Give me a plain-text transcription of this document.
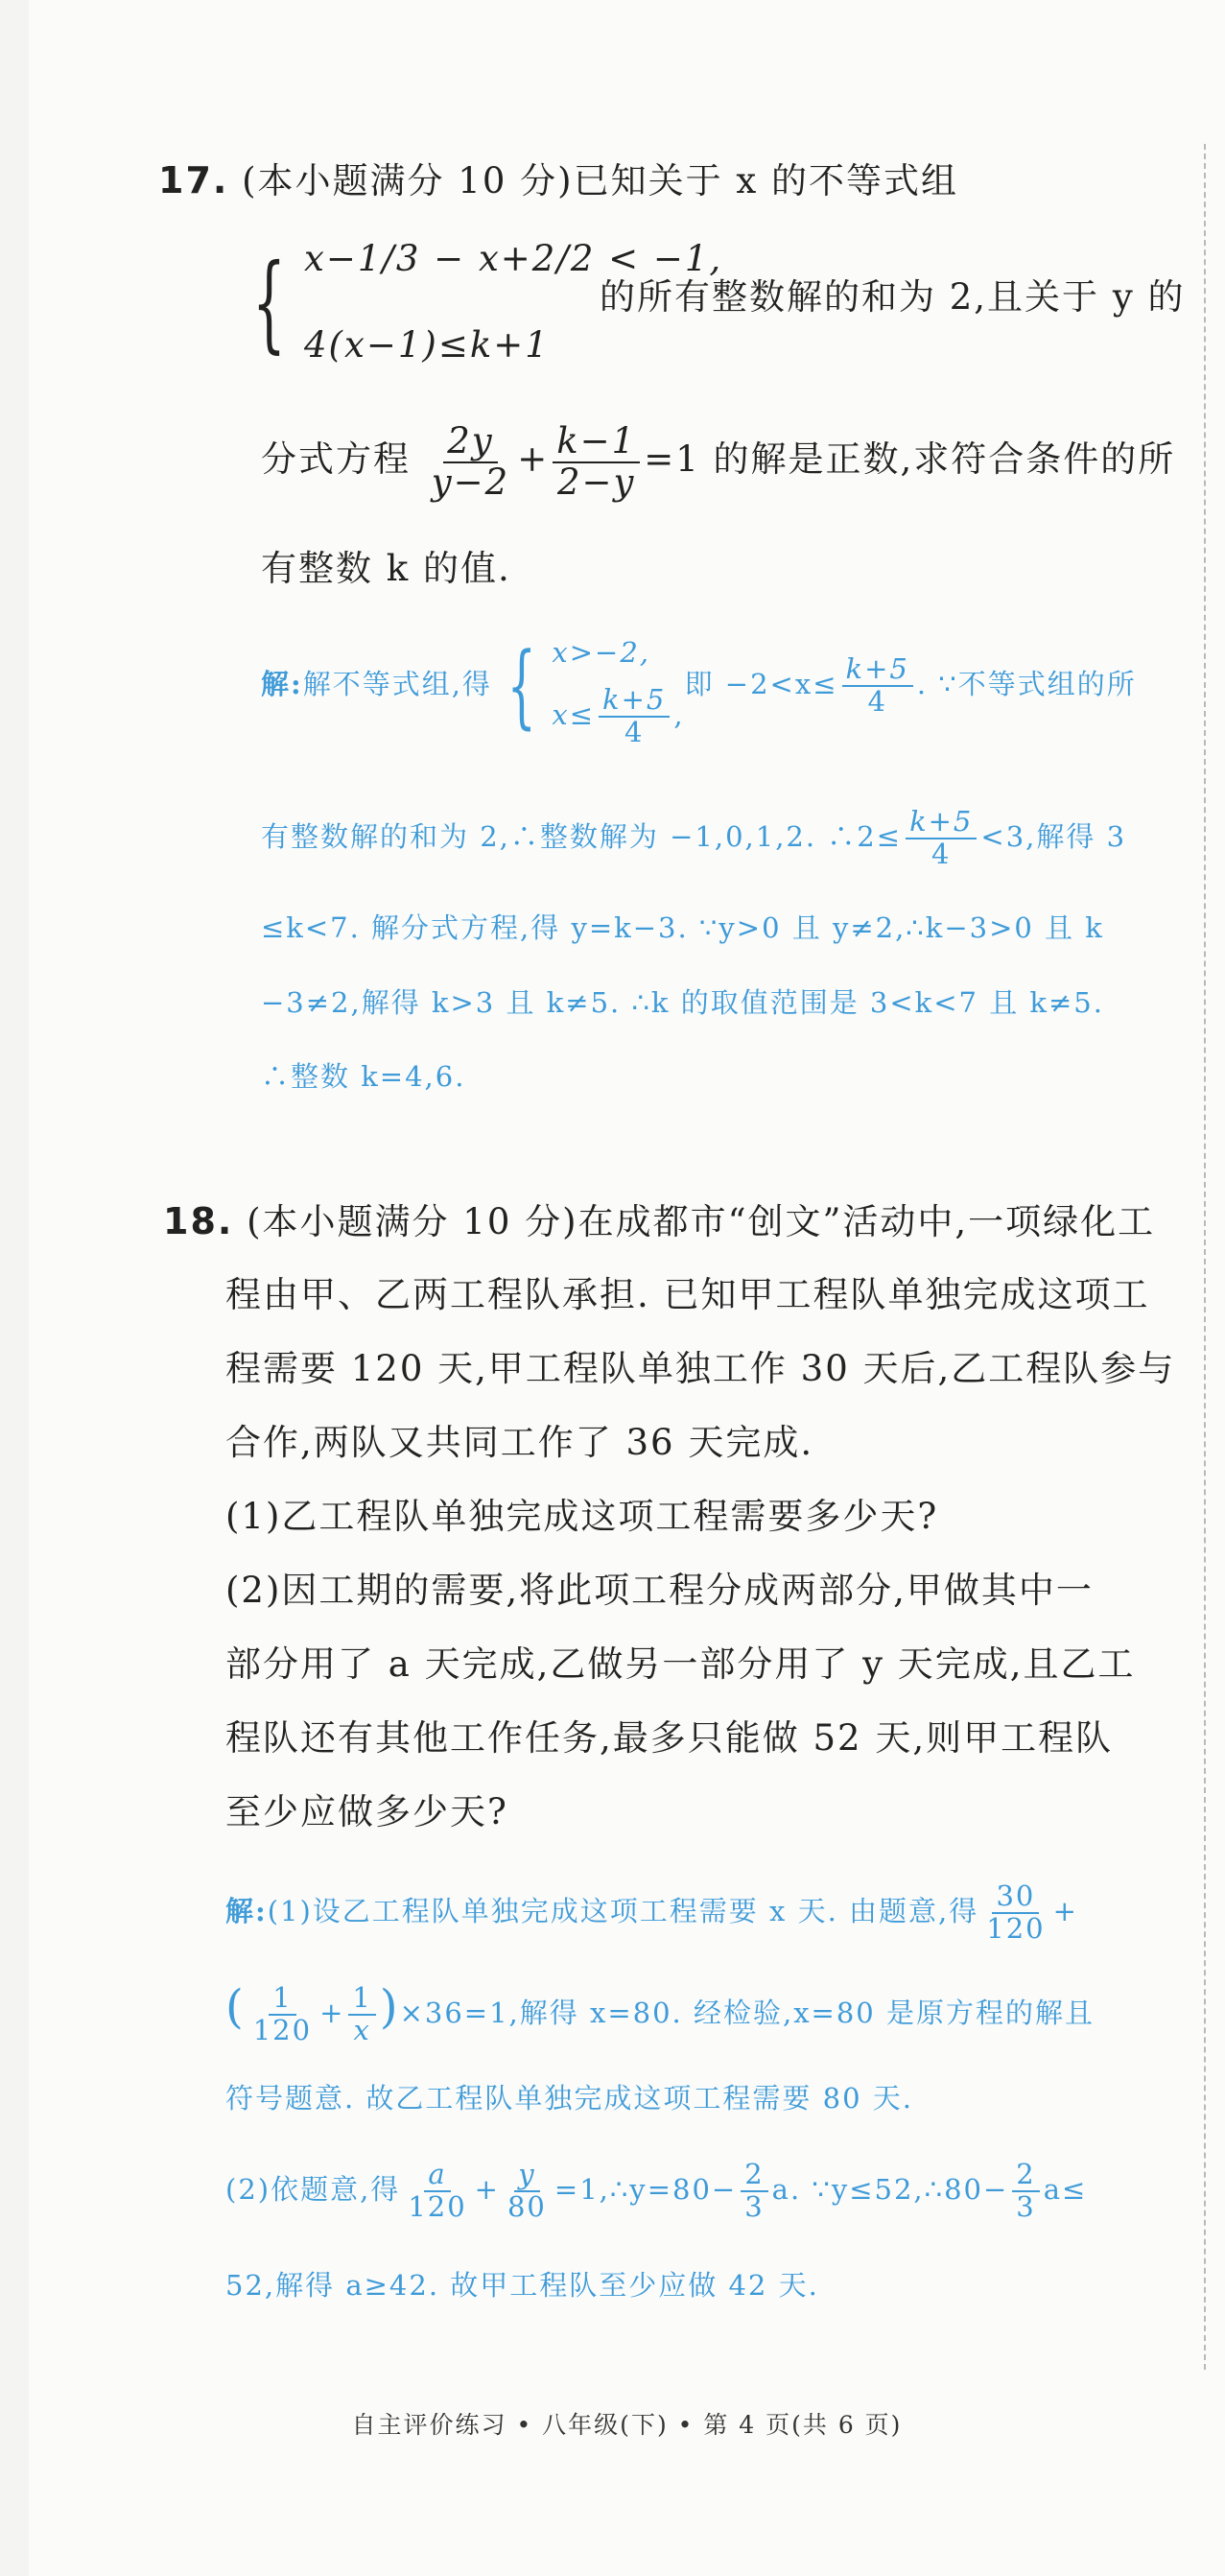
17. (本小题满分 10 分)已知关于 x 的不等式组
{ x−1/3 − x+2/2 < −1,
4(x−1)≤k+1
的所有整数解的和为 2,且关于 y 的
分式方程 $\frac{2y}{y-2} + \frac{k-1}{2-y} =1$ 的解是正数,求符合条件的所
有整数 k 的值.
解:解不等式组,得 { x>−2,
$x\le \frac{k+5}{4}$ ,
即 $-2<x\le \frac{k+5}{4}$ . ∵不等式组的所
有整数解的和为 2,∴整数解为 −1,0,1,2. ∴2≤ $\frac{k+5}{4} <3$,解得 3
≤k<7. 解分式方程,得 y=k−3. ∵y>0 且 y≠2,∴k−3>0 且 k
−3≠2,解得 k>3 且 k≠5. ∴k 的取值范围是 3<k<7 且 k≠5.
∴整数 k=4,6.
18. (本小题满分 10 分)在成都市“创文”活动中,一项绿化工
程由甲、乙两工程队承担. 已知甲工程队单独完成这项工
程需要 120 天,甲工程队单独工作 30 天后,乙工程队参与
合作,两队又共同工作了 36 天完成.
(1)乙工程队单独完成这项工程需要多少天?
(2)因工期的需要,将此项工程分成两部分,甲做其中一
部分用了 a 天完成,乙做另一部分用了 y 天完成,且乙工
程队还有其他工作任务,最多只能做 52 天,则甲工程队
至少应做多少天?
解:(1)设乙工程队单独完成这项工程需要 x 天. 由题意,得 $\frac{30}{120}$ +
( $\frac{1}{120} + \frac{1}{x} )\times 36=1$,解得 x=80. 经检验,x=80 是原方程的解且
符号题意. 故乙工程队单独完成这项工程需要 80 天.
(2)依题意,得 $\frac{a}{120} + \frac{y}{80}$ =1,∴y=80− $\frac{2}{3} a$. ∵y≤52,∴80− $\frac{2}{3} a\le$
52,解得 a≥42. 故甲工程队至少应做 42 天.
自主评价练习 • 八年级(下) • 第 4 页(共 6 页)
